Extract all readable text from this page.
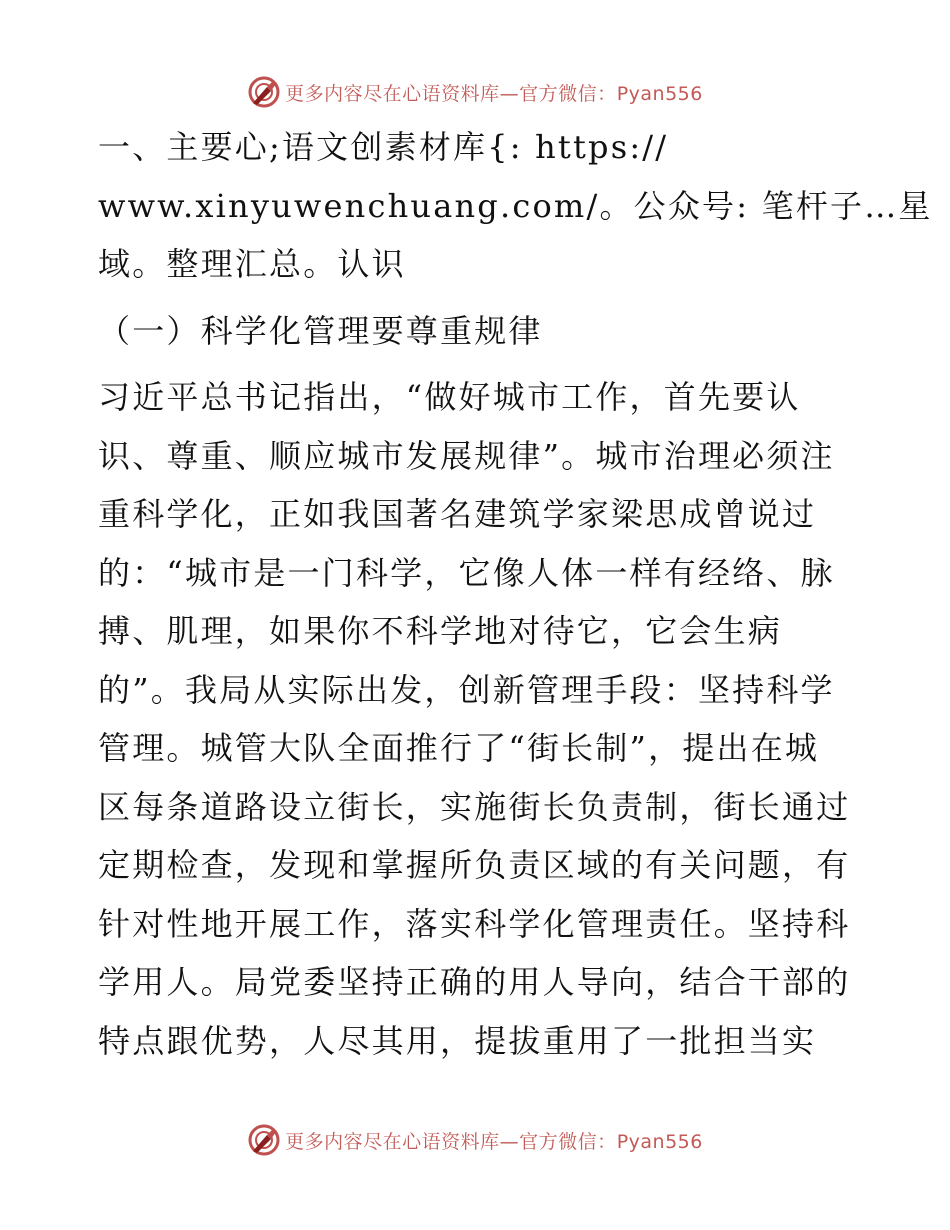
更多内容尽在心语资料库—官方微信：Pyan556

一、主要心;语文创素材库{: https://
www.xinyuwenchuang.com/。公众号: 笔杆子…星
域。整理汇总。认识

（一）科学化管理要尊重规律

习近平总书记指出，“做好城市工作，首先要认
识、尊重、顺应城市发展规律”。城市治理必须注
重科学化，正如我国著名建筑学家梁思成曾说过
的：“城市是一门科学，它像人体一样有经络、脉
搏、肌理，如果你不科学地对待它，它会生病
的”。我局从实际出发，创新管理手段：坚持科学
管理。城管大队全面推行了“街长制”，提出在城
区每条道路设立街长，实施街长负责制，街长通过
定期检查，发现和掌握所负责区域的有关问题，有
针对性地开展工作，落实科学化管理责任。坚持科
学用人。局党委坚持正确的用人导向，结合干部的
特点跟优势，人尽其用，提拔重用了一批担当实

更多内容尽在心语资料库—官方微信：Pyan556
